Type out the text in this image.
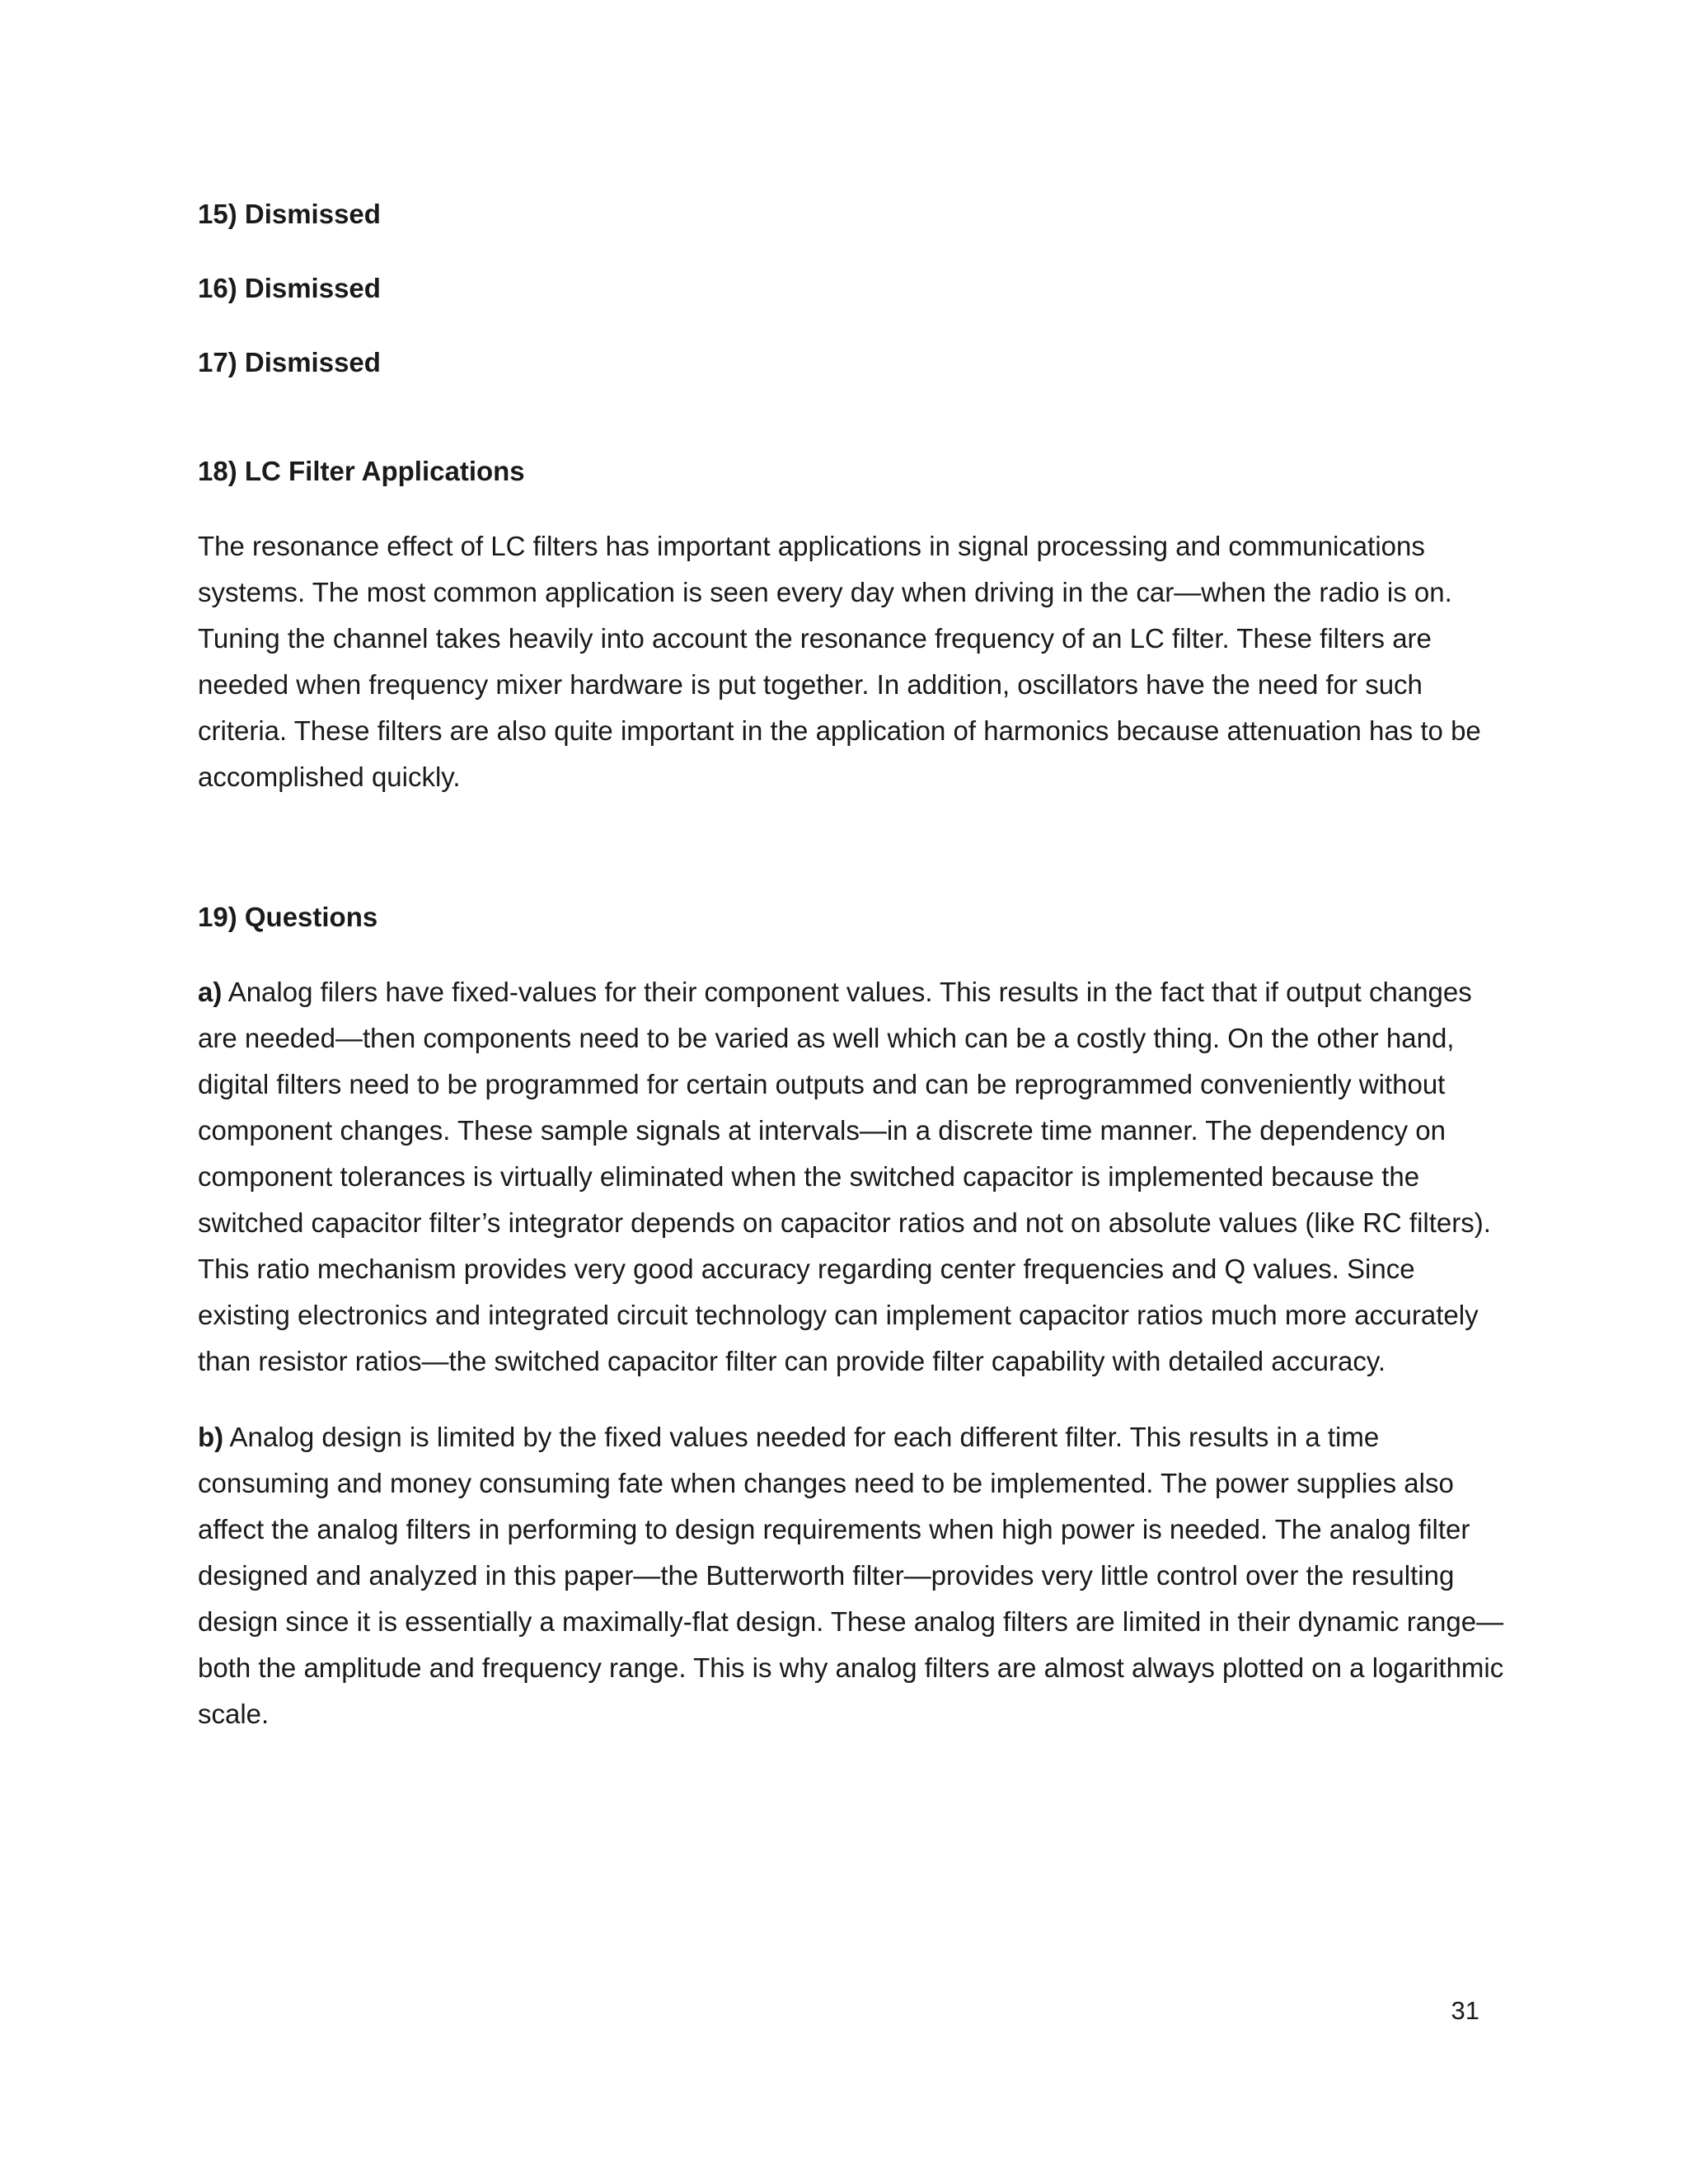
15) Dismissed

16) Dismissed

17) Dismissed

18) LC Filter Applications

The resonance effect of LC filters has important applications in signal processing and communications systems. The most common application is seen every day when driving in the car—when the radio is on. Tuning the channel takes heavily into account the resonance frequency of an LC filter. These filters are needed when frequency mixer hardware is put together. In addition, oscillators have the need for such criteria. These filters are also quite important in the application of harmonics because attenuation has to be accomplished quickly.

19) Questions

a) Analog filers have fixed-values for their component values. This results in the fact that if output changes are needed—then components need to be varied as well which can be a costly thing. On the other hand, digital filters need to be programmed for certain outputs and can be reprogrammed conveniently without component changes. These sample signals at intervals—in a discrete time manner. The dependency on component tolerances is virtually eliminated when the switched capacitor is implemented because the switched capacitor filter’s integrator depends on capacitor ratios and not on absolute values (like RC filters). This ratio mechanism provides very good accuracy regarding center frequencies and Q values. Since existing electronics and integrated circuit technology can implement capacitor ratios much more accurately than resistor ratios—the switched capacitor filter can provide filter capability with detailed accuracy.

b) Analog design is limited by the fixed values needed for each different filter. This results in a time consuming and money consuming fate when changes need to be implemented. The power supplies also affect the analog filters in performing to design requirements when high power is needed. The analog filter designed and analyzed in this paper—the Butterworth filter—provides very little control over the resulting design since it is essentially a maximally-flat design. These analog filters are limited in their dynamic range—both the amplitude and frequency range. This is why analog filters are almost always plotted on a logarithmic scale.

31
